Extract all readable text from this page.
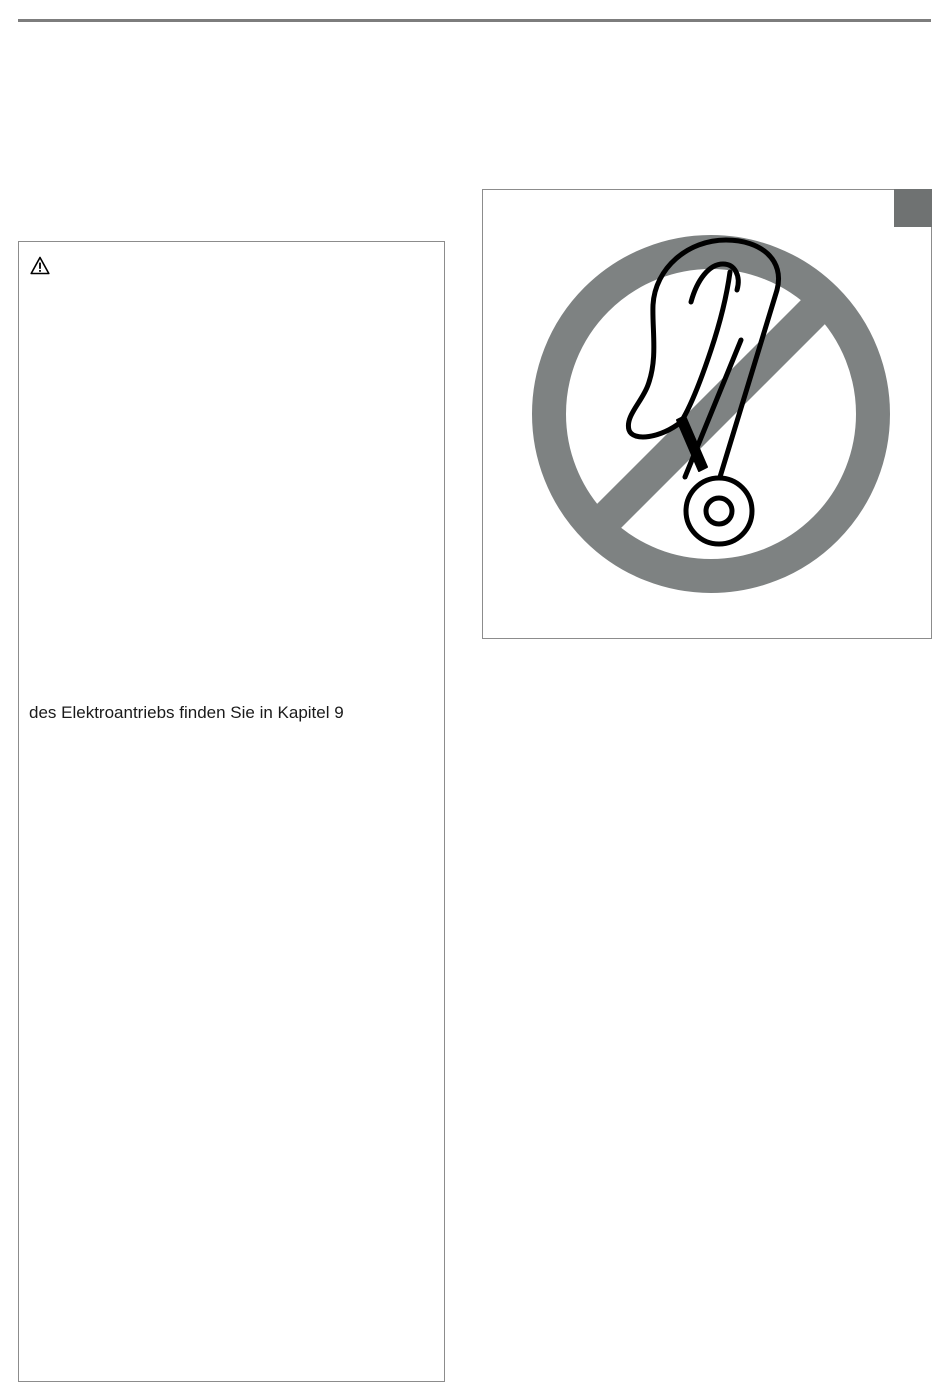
des Elektroantriebs finden Sie in Kapitel 9
